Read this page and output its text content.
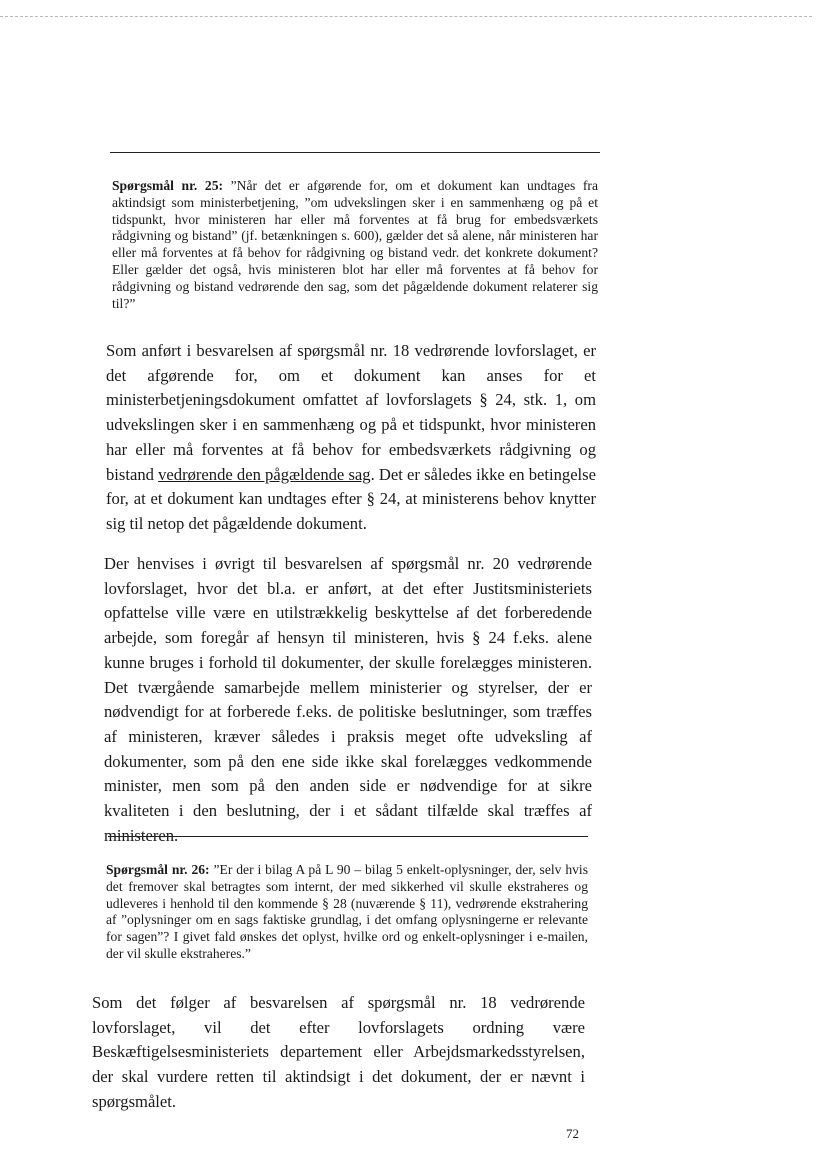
Spørgsmål nr. 25: ”Når det er afgørende for, om et dokument kan undtages fra aktindsigt som ministerbetjening, ”om udvekslingen sker i en sammenhæng og på et tidspunkt, hvor ministeren har eller må forventes at få brug for embedsværkets rådgivning og bistand” (jf. betænkningen s. 600), gælder det så alene, når ministeren har eller må forventes at få behov for rådgivning og bistand vedr. det konkrete dokument? Eller gælder det også, hvis ministeren blot har eller må forventes at få behov for rådgivning og bistand vedrørende den sag, som det pågældende dokument relaterer sig til?”
Som anført i besvarelsen af spørgsmål nr. 18 vedrørende lovforslaget, er det afgørende for, om et dokument kan anses for et ministerbetjeningsdokument omfattet af lovforslagets § 24, stk. 1, om udvekslingen sker i en sammenhæng og på et tidspunkt, hvor ministeren har eller må forventes at få behov for embedsværkets rådgivning og bistand vedrørende den pågældende sag. Det er således ikke en betingelse for, at et dokument kan undtages efter § 24, at ministerens behov knytter sig til netop det pågældende dokument.
Der henvises i øvrigt til besvarelsen af spørgsmål nr. 20 vedrørende lovforslaget, hvor det bl.a. er anført, at det efter Justitsministeriets opfattelse ville være en utilstrækkelig beskyttelse af det forberedende arbejde, som foregår af hensyn til ministeren, hvis § 24 f.eks. alene kunne bruges i forhold til dokumenter, der skulle forelægges ministeren. Det tværgående samarbejde mellem ministerier og styrelser, der er nødvendigt for at forberede f.eks. de politiske beslutninger, som træffes af ministeren, kræver således i praksis meget ofte udveksling af dokumenter, som på den ene side ikke skal forelægges vedkommende minister, men som på den anden side er nødvendige for at sikre kvaliteten i den beslutning, der i et sådant tilfælde skal træffes af ministeren.
Spørgsmål nr. 26: ”Er der i bilag A på L 90 – bilag 5 enkelt-oplysninger, der, selv hvis det fremover skal betragtes som internt, der med sikkerhed vil skulle ekstraheres og udleveres i henhold til den kommende § 28 (nuværende § 11), vedrørende ekstrahering af ”oplysninger om en sags faktiske grundlag, i det omfang oplysningerne er relevante for sagen”? I givet fald ønskes det oplyst, hvilke ord og enkelt-oplysninger i e-mailen, der vil skulle ekstraheres.”
Som det følger af besvarelsen af spørgsmål nr. 18 vedrørende lovforslaget, vil det efter lovforslagets ordning være Beskæftigelsesministeriets departement eller Arbejdsmarkedsstyrelsen, der skal vurdere retten til aktindsigt i det dokument, der er nævnt i spørgsmålet.
72
